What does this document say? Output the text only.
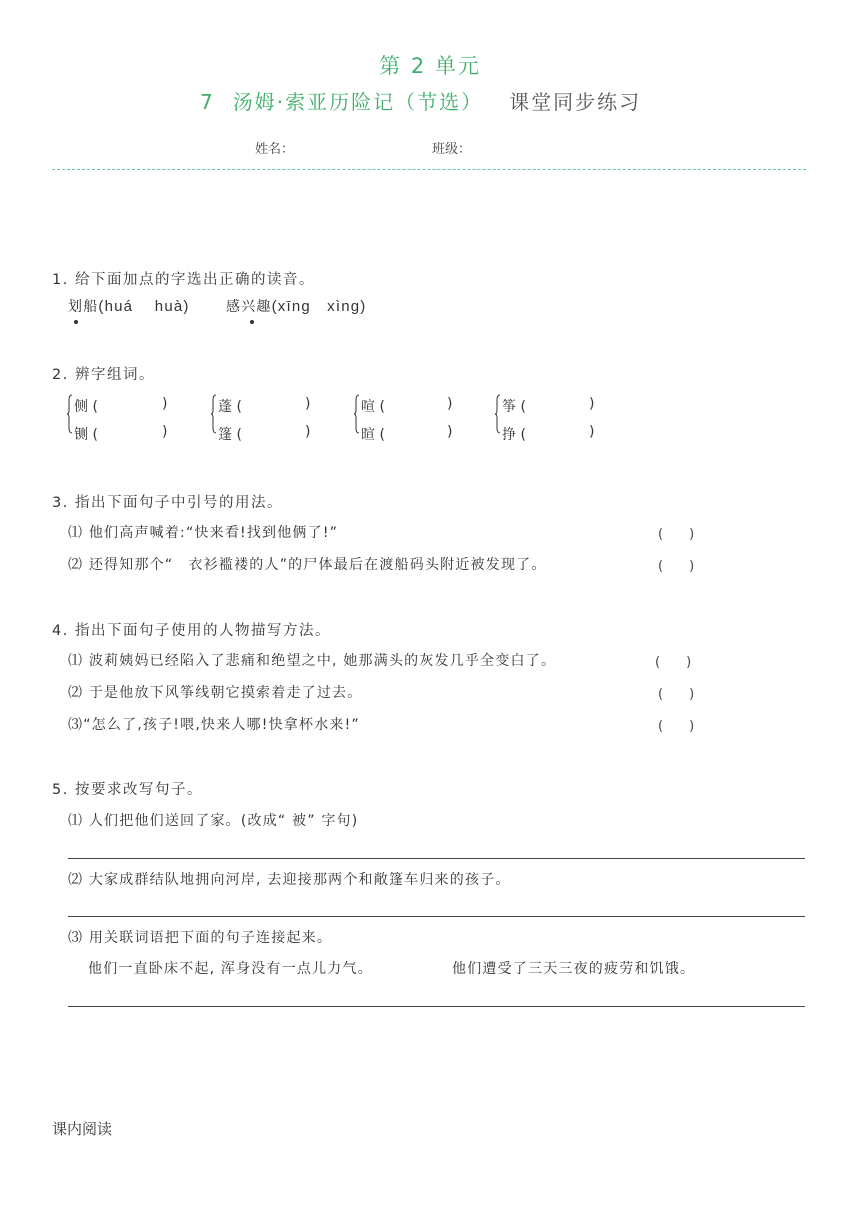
第 2 单元
7 汤姆·索亚历险记（节选） 课堂同步练习
姓名：	班级：
1. 给下面加点的字选出正确的读音。
划船(huá　 huà)	感兴趣(xīng　xìng)
2. 辨字组词。
侧 (	)
铡 (	)
蓬 (	)
篷 (	)
喧 (	)
暄 (	)
筝 (	)
挣 (	)
3. 指出下面句子中引号的用法。
⑴ 他们高声喊着:“快来看!找到他俩了!”	(　　)
⑵ 还得知那个“　衣衫褴褛的人”的尸体最后在渡船码头附近被发现了。	(　　)
4. 指出下面句子使用的人物描写方法。
⑴ 波莉姨妈已经陷入了悲痛和绝望之中, 她那满头的灰发几乎全变白了。	(　　)
⑵ 于是他放下风筝线朝它摸索着走了过去。	(　　)
⑶“怎么了,孩子!喂,快来人哪!快拿杯水来!”	(　　)
5. 按要求改写句子。
⑴ 人们把他们送回了家。(改成“ 被” 字句)
⑵ 大家成群结队地拥向河岸, 去迎接那两个和敞篷车归来的孩子。
⑶ 用关联词语把下面的句子连接起来。
他们一直卧床不起, 浑身没有一点儿力气。	他们遭受了三天三夜的疲劳和饥饿。
课内阅读
